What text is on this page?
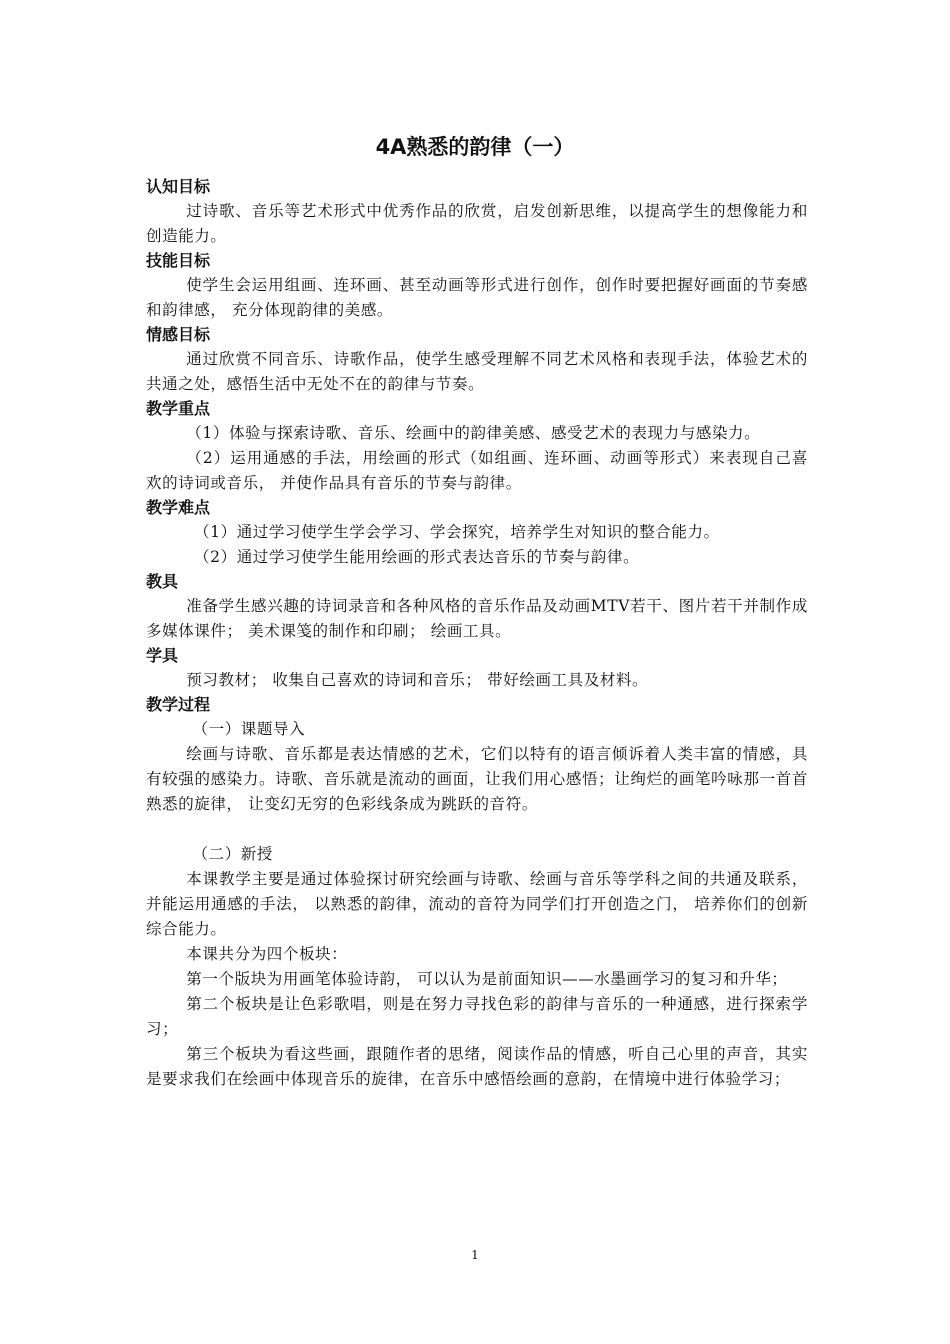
4A熟悉的韵律（一）
认知目标

过诗歌、音乐等艺术形式中优秀作品的欣赏，启发创新思维，以提高学生的想像能力和创造能力。

技能目标

使学生会运用组画、连环画、甚至动画等形式进行创作，创作时要把握好画面的节奏感和韵律感， 充分体现韵律的美感。

情感目标

通过欣赏不同音乐、诗歌作品，使学生感受理解不同艺术风格和表现手法，体验艺术的共通之处，感悟生活中无处不在的韵律与节奏。

教学重点

（1）体验与探索诗歌、音乐、绘画中的韵律美感、感受艺术的表现力与感染力。

（2）运用通感的手法，用绘画的形式（如组画、连环画、动画等形式）来表现自己喜欢的诗词或音乐， 并使作品具有音乐的节奏与韵律。

教学难点

（1）通过学习使学生学会学习、学会探究，培养学生对知识的整合能力。

（2）通过学习使学生能用绘画的形式表达音乐的节奏与韵律。

教具

准备学生感兴趣的诗词录音和各种风格的音乐作品及动画MTV若干、图片若干并制作成多媒体课件； 美术课笺的制作和印刷； 绘画工具。

学具

预习教材； 收集自己喜欢的诗词和音乐； 带好绘画工具及材料。

教学过程

（一）课题导入

绘画与诗歌、音乐都是表达情感的艺术，它们以特有的语言倾诉着人类丰富的情感，具有较强的感染力。诗歌、音乐就是流动的画面，让我们用心感悟；让绚烂的画笔吟咏那一首首熟悉的旋律， 让变幻无穷的色彩线条成为跳跃的音符。

（二）新授

本课教学主要是通过体验探讨研究绘画与诗歌、绘画与音乐等学科之间的共通及联系， 并能运用通感的手法， 以熟悉的韵律，流动的音符为同学们打开创造之门， 培养你们的创新综合能力。

本课共分为四个板块：

第一个版块为用画笔体验诗韵， 可以认为是前面知识——水墨画学习的复习和升华；

第二个板块是让色彩歌唱，则是在努力寻找色彩的韵律与音乐的一种通感，进行探索学习；

第三个板块为看这些画，跟随作者的思绪，阅读作品的情感，听自己心里的声音，其实是要求我们在绘画中体现音乐的旋律，在音乐中感悟绘画的意韵，在情境中进行体验学习；

1
